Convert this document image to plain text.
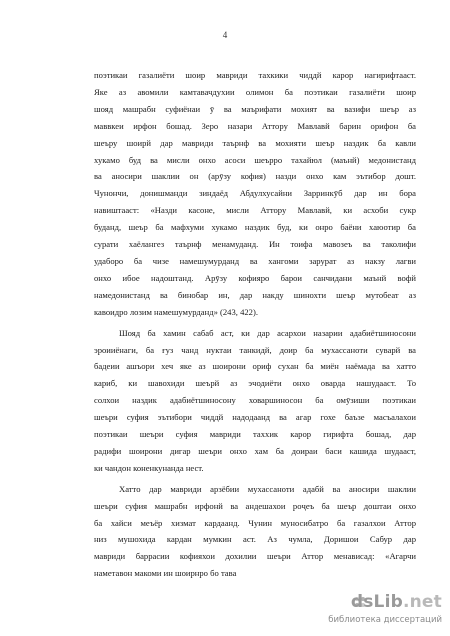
4
поэтикаи газалиёти шоир мавриди тахкики чиддй карор нагирифтааст.
Яке аз авомили камтавачдухии олимон ба поэтикаи газалиёти шоир
шояд машрабн суфиёнаи ӯ ва маърифати мохият ва вазифи шеър аз
маввкеи ирфон бошад. Зеро назари Атторy Мавлавй барин орифон ба
шеъру шоирй дар мавриди таърнф ва мохияти шеър наздик ба кавли
хукамо буд ва мисли онхо асоси шеърро тахайюл (маънй) медонистанд
ва аносири шаклии он (арӯзу кофия) назди онхо кам эътибор дошт.
Чунончи, донишманди зиндаёд Абдулхусайни Зарринкӯб дар ин бора
навиштааст: «Назди касоне, мисли Аттору Мавлавй, ки асхоби сукр
буданд, шеър ба мафхуми хукамо наздик буд, ки онро баёни хаюотир ба
сурати хаёлангез таърнф менамуданд. Ин тоифа мавозеъ ва таколифи
удаборо ба чизе намешумурданд ва хангоми зарурат аз накзу лагви
онхо ибое надоштанд. Арӯзу кофияро барои санчидани маънй вофй
намедонистанд ва бинобар ин, дар накду шинохти шеър мутобеат аз
кавоидро лозим намешумурданд» (243, 422).
Шояд ба хамин сабаб аст, ки дар асархои назарии адабиётшиносони
эроииёнаги, ба ғуз чанд нуктаи танкидй, доир ба мухассаноти суварй ва
бадеии ашъори хеч яке аз шоирони ориф сухан ба миён наёмада ва хатто
кариб, ки шавохиди шеърй аз эчодиёти онхо оварда нашудааст. То
солхои наздик адабиётшиносону ховаршиносон ба омӯзиши поэтикаи
шеъри суфия эътибори чиддй надодаанд ва агар гохе баъзе масъалахои
поэтикаи шеъри суфия мавриди таххик карор гирифта бошад, дар
радифи шоирони дигар шеъри онхо хам ба доираи баси кашида шудааст,
ки чандон коненкунанда нест.
Хатто дар мавриди арзёбии мухассаноти адабй ва аносири шаклии
шеъри суфия машрабн ирфонй ва андешахои роҷеъ ба шеър доштаи онхо
ба хайси меъёр хизмат кардаанд. Чунин муносибатро ба газалхои Аттор
низ мушохида кардан мумкин аст. Аз чумла, Доришои Сабур дар
мавриди баррасии кофияхои дохилии шеъри Аттор менависад: «Агарчи
наметавон макоми ин шоирнро бо тава
dsLib.net
библиотека диссертаций
